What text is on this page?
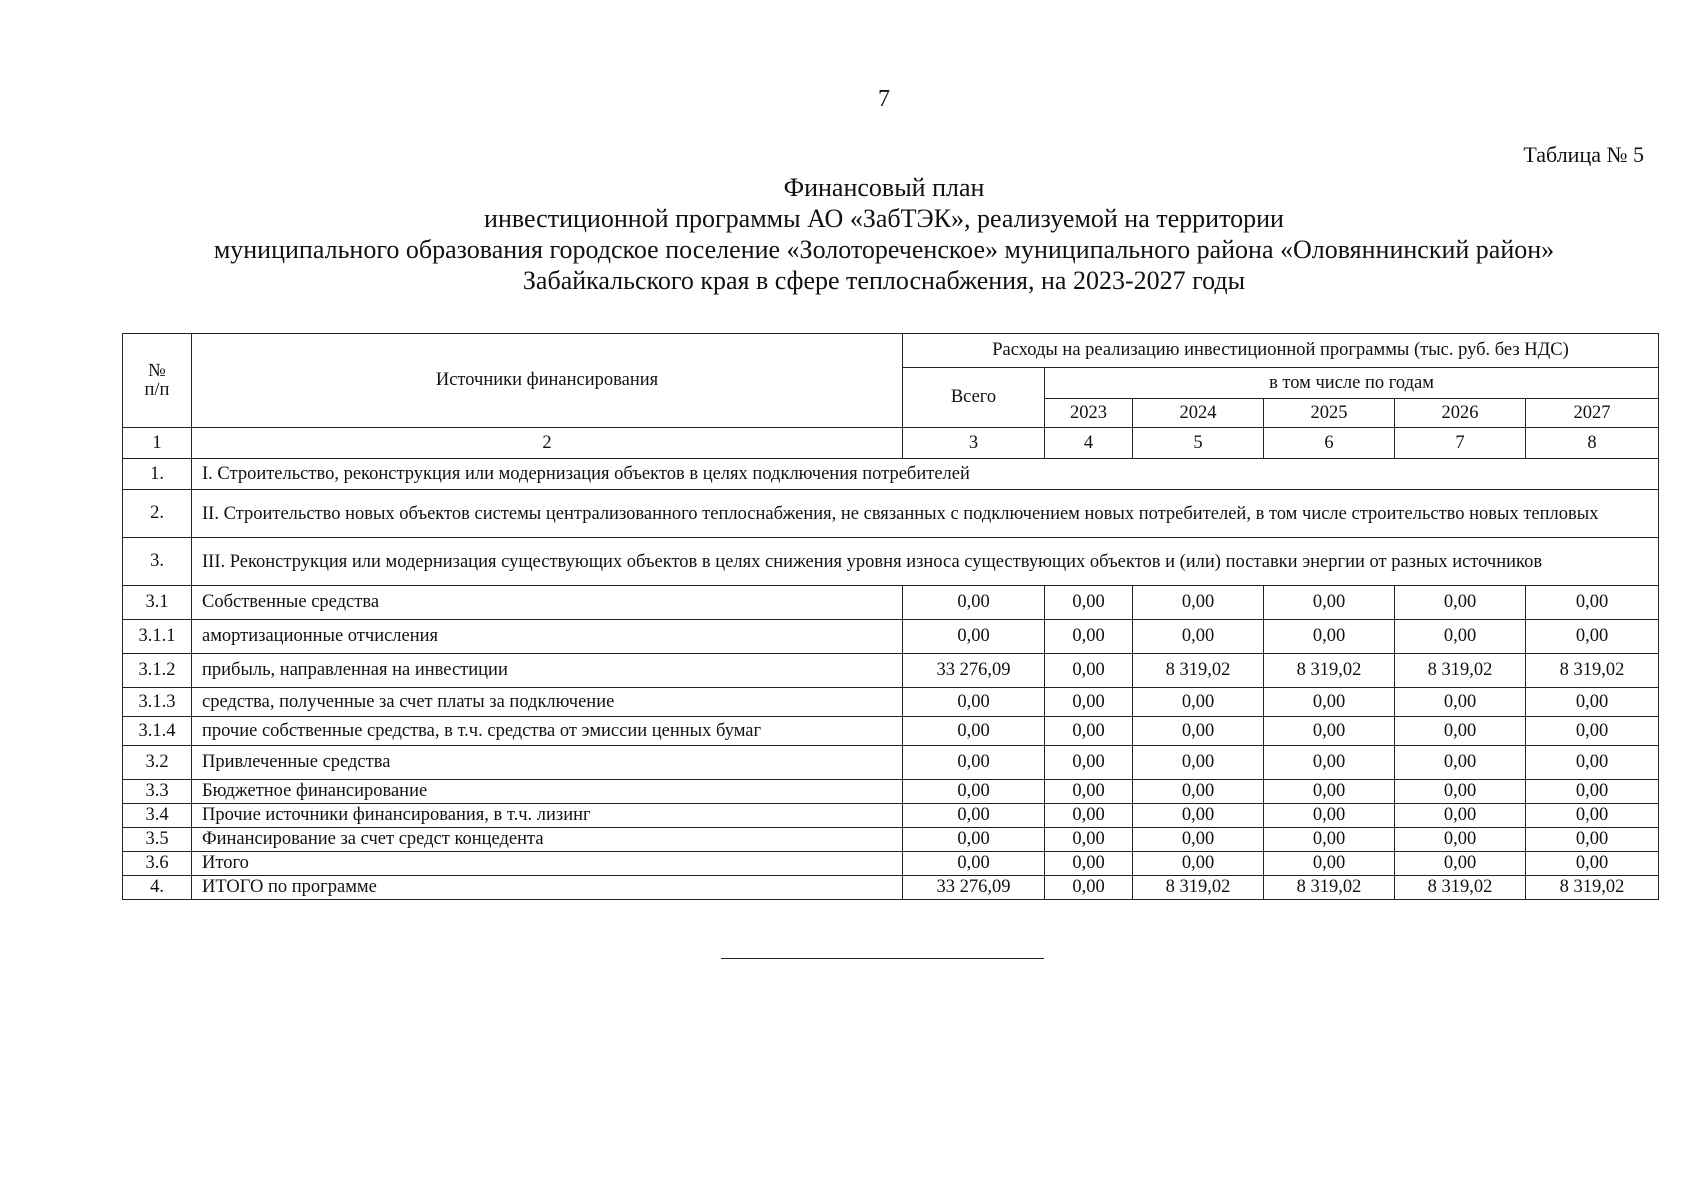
7
Таблица № 5
Финансовый план
инвестиционной программы АО «ЗабТЭК», реализуемой на территории
муниципального образования городское поселение «Золотореченское» муниципального района «Оловяннинский район»
Забайкальского края в сфере теплоснабжения, на 2023-2027 годы
№
п/п	Источники финансирования	Расходы на реализацию инвестиционной программы (тыс. руб. без НДС)					
		Всего	в том числе по годам				
			2023	2024	2025	2026	2027
1	2	3	4	5	6	7	8
1.	I. Строительство, реконструкция или модернизация объектов в целях подключения потребителей						
2.	II. Строительство новых объектов системы централизованного теплоснабжения, не связанных с подключением новых потребителей, в том числе строительство новых тепловых						
3.	III. Реконструкция или модернизация существующих объектов в целях снижения уровня износа существующих объектов и (или) поставки энергии от разных источников						
3.1	Собственные средства	0,00	0,00	0,00	0,00	0,00	0,00
3.1.1	амортизационные отчисления	0,00	0,00	0,00	0,00	0,00	0,00
3.1.2	прибыль, направленная на инвестиции	33 276,09	0,00	8 319,02	8 319,02	8 319,02	8 319,02
3.1.3	средства, полученные за счет платы за подключение	0,00	0,00	0,00	0,00	0,00	0,00
3.1.4	прочие собственные средства, в т.ч. средства от эмиссии ценных бумаг	0,00	0,00	0,00	0,00	0,00	0,00
3.2	Привлеченные средства	0,00	0,00	0,00	0,00	0,00	0,00
3.3	Бюджетное финансирование	0,00	0,00	0,00	0,00	0,00	0,00
3.4	Прочие источники финансирования, в т.ч. лизинг	0,00	0,00	0,00	0,00	0,00	0,00
3.5	Финансирование за счет средст концедента	0,00	0,00	0,00	0,00	0,00	0,00
3.6	Итого	0,00	0,00	0,00	0,00	0,00	0,00
4.	ИТОГО по программе	33 276,09	0,00	8 319,02	8 319,02	8 319,02	8 319,02
